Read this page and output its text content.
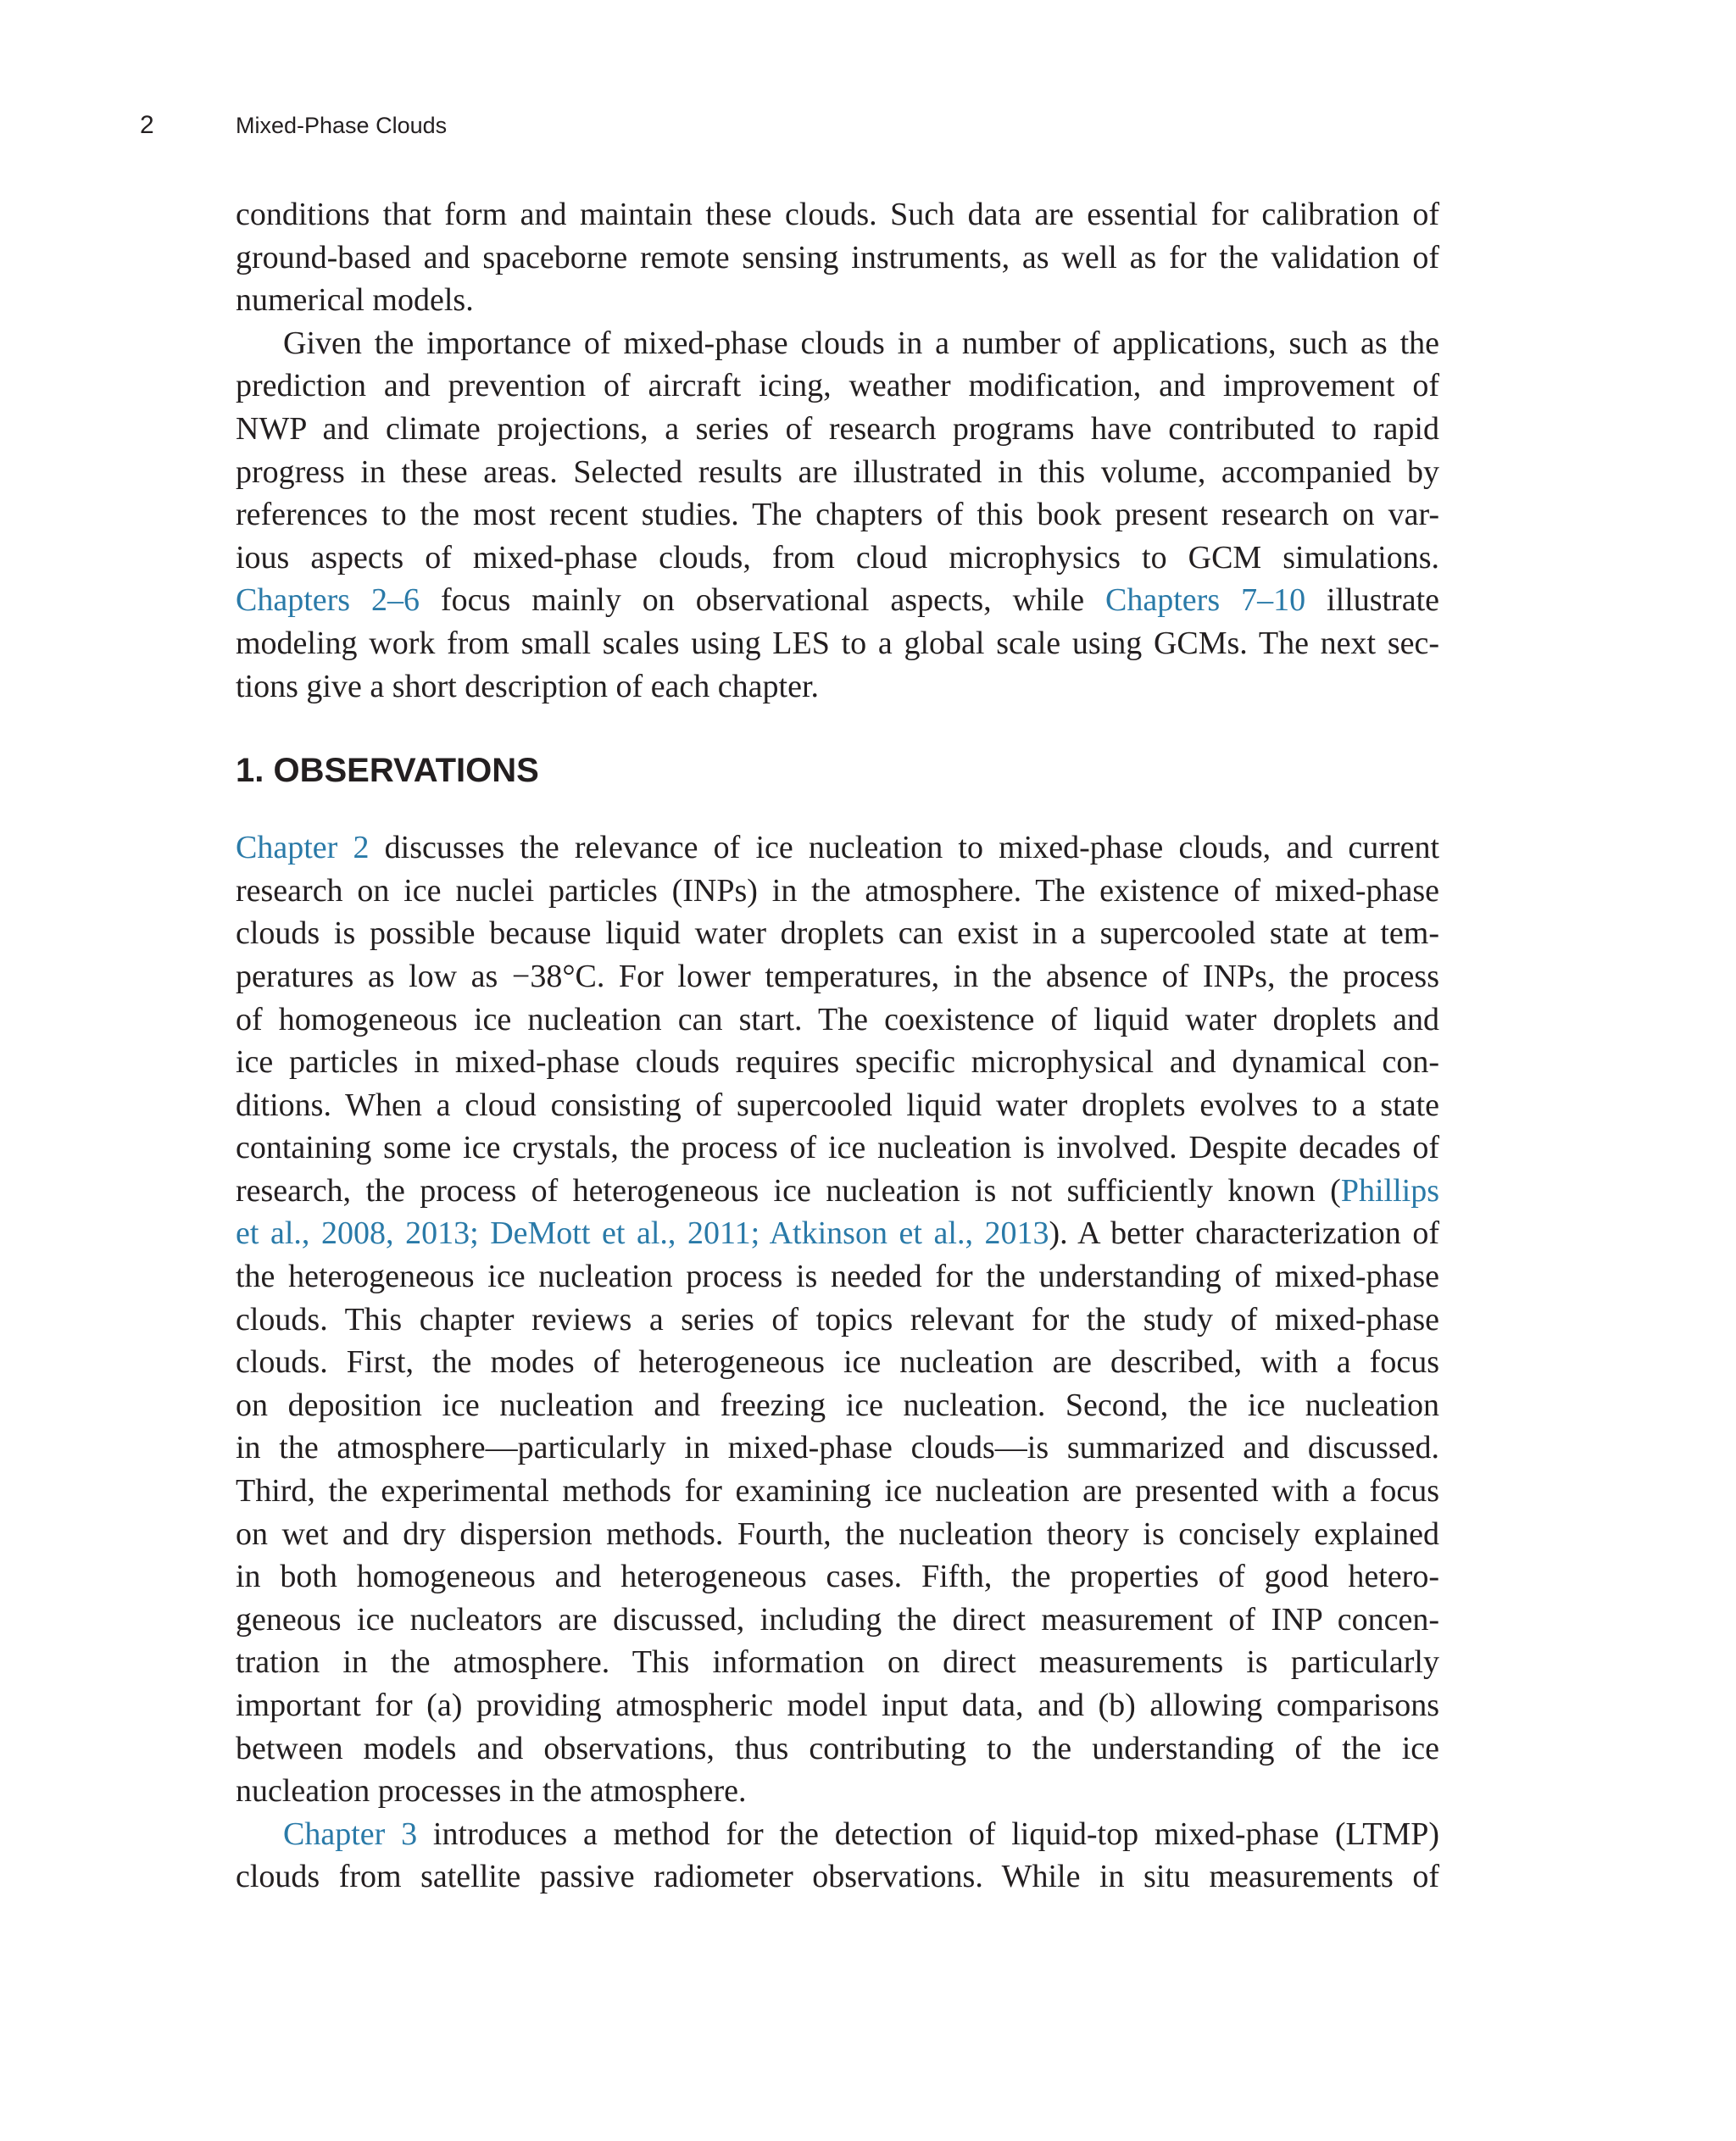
2	Mixed-Phase Clouds
conditions that form and maintain these clouds. Such data are essential for calibration of
ground-based and spaceborne remote sensing instruments, as well as for the validation of
numerical models.
Given the importance of mixed-phase clouds in a number of applications, such as the
prediction and prevention of aircraft icing, weather modification, and improvement of
NWP and climate projections, a series of research programs have contributed to rapid
progress in these areas. Selected results are illustrated in this volume, accompanied by
references to the most recent studies. The chapters of this book present research on var-
ious aspects of mixed-phase clouds, from cloud microphysics to GCM simulations.
Chapters 2–6 focus mainly on observational aspects, while Chapters 7–10 illustrate
modeling work from small scales using LES to a global scale using GCMs. The next sec-
tions give a short description of each chapter.
1. OBSERVATIONS
Chapter 2 discusses the relevance of ice nucleation to mixed-phase clouds, and current
research on ice nuclei particles (INPs) in the atmosphere. The existence of mixed-phase
clouds is possible because liquid water droplets can exist in a supercooled state at tem-
peratures as low as −38°C. For lower temperatures, in the absence of INPs, the process
of homogeneous ice nucleation can start. The coexistence of liquid water droplets and
ice particles in mixed-phase clouds requires specific microphysical and dynamical con-
ditions. When a cloud consisting of supercooled liquid water droplets evolves to a state
containing some ice crystals, the process of ice nucleation is involved. Despite decades of
research, the process of heterogeneous ice nucleation is not sufficiently known (Phillips
et al., 2008, 2013; DeMott et al., 2011; Atkinson et al., 2013). A better characterization of
the heterogeneous ice nucleation process is needed for the understanding of mixed-phase
clouds. This chapter reviews a series of topics relevant for the study of mixed-phase
clouds. First, the modes of heterogeneous ice nucleation are described, with a focus
on deposition ice nucleation and freezing ice nucleation. Second, the ice nucleation
in the atmosphere—particularly in mixed-phase clouds—is summarized and discussed.
Third, the experimental methods for examining ice nucleation are presented with a focus
on wet and dry dispersion methods. Fourth, the nucleation theory is concisely explained
in both homogeneous and heterogeneous cases. Fifth, the properties of good hetero-
geneous ice nucleators are discussed, including the direct measurement of INP concen-
tration in the atmosphere. This information on direct measurements is particularly
important for (a) providing atmospheric model input data, and (b) allowing comparisons
between models and observations, thus contributing to the understanding of the ice
nucleation processes in the atmosphere.
Chapter 3 introduces a method for the detection of liquid-top mixed-phase (LTMP)
clouds from satellite passive radiometer observations. While in situ measurements of
